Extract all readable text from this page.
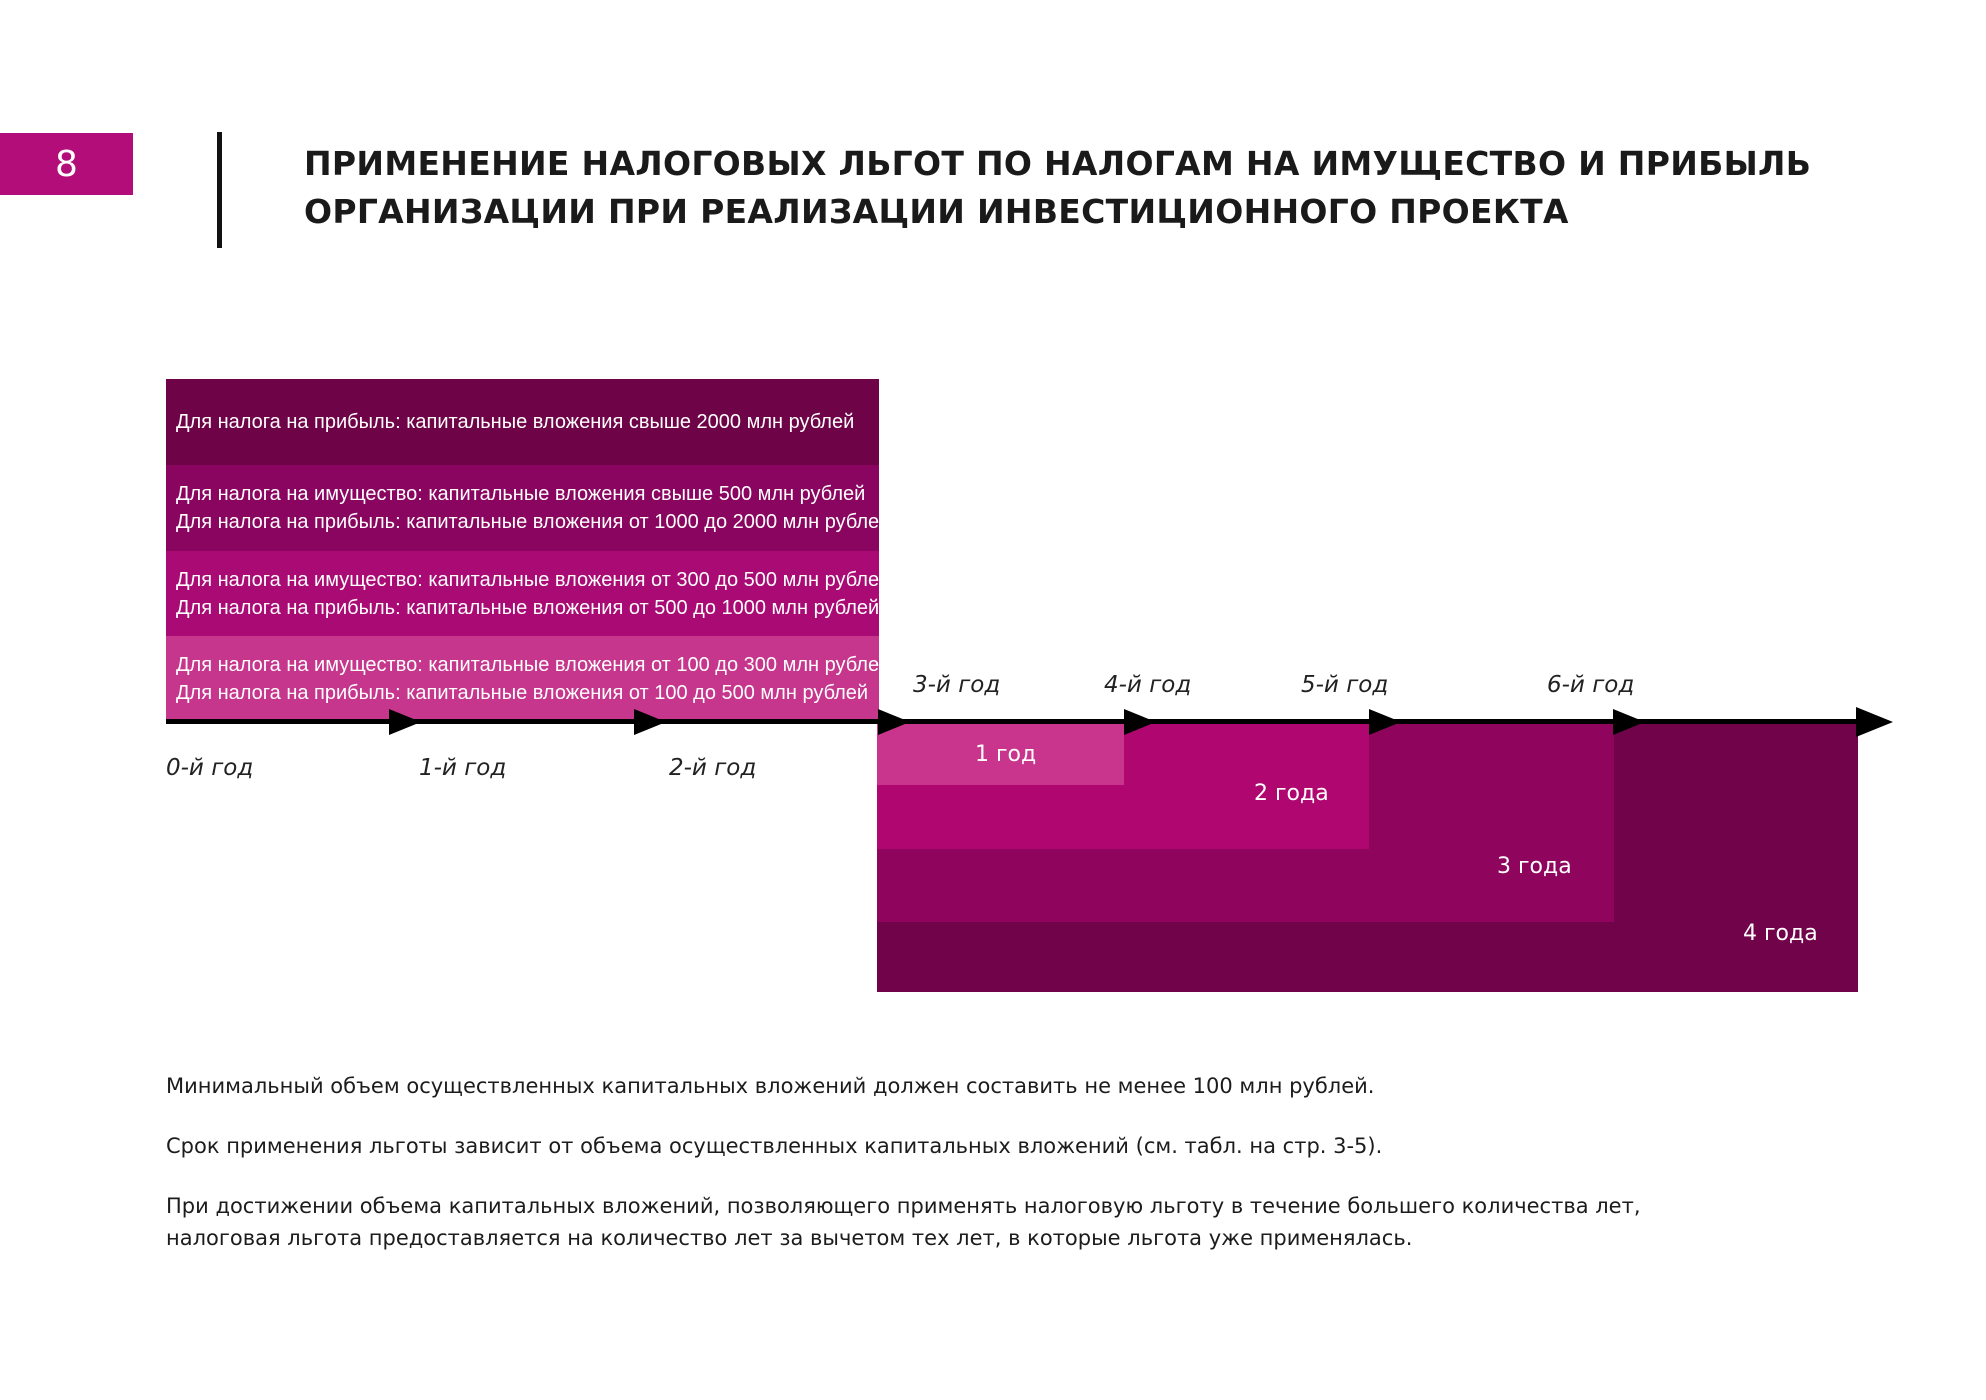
8	ПРИМЕНЕНИЕ НАЛОГОВЫХ ЛЬГОТ ПО НАЛОГАМ НА ИМУЩЕСТВО И ПРИБЫЛЬ
ОРГАНИЗАЦИИ ПРИ РЕАЛИЗАЦИИ ИНВЕСТИЦИОННОГО ПРОЕКТА
Для налога на прибыль: капитальные вложения свыше 2000 млн рублей
Для налога на имущество: капитальные вложения свыше 500 млн рублей
Для налога на прибыль: капитальные вложения от 1000 до 2000 млн рублей
Для налога на имущество: капитальные вложения от 300 до 500 млн рублей
Для налога на прибыль: капитальные вложения от 500 до 1000 млн рублей
Для налога на имущество: капитальные вложения от 100 до 300 млн рублей
Для налога на прибыль: капитальные вложения от 100 до 500 млн рублей
4 года
3 года
2 года
1 год
0-й год	1-й год	2-й год
3-й год	4-й год	5-й год	6-й год
Минимальный объем осуществленных капитальных вложений должен составить не менее 100 млн рублей.
Срок применения льготы зависит от объема осуществленных капитальных вложений (см. табл. на стр. 3-5).
При достижении объема капитальных вложений, позволяющего применять налоговую льготу в течение большего количества лет,
налоговая льгота предоставляется на количество лет за вычетом тех лет, в которые льгота уже применялась.
